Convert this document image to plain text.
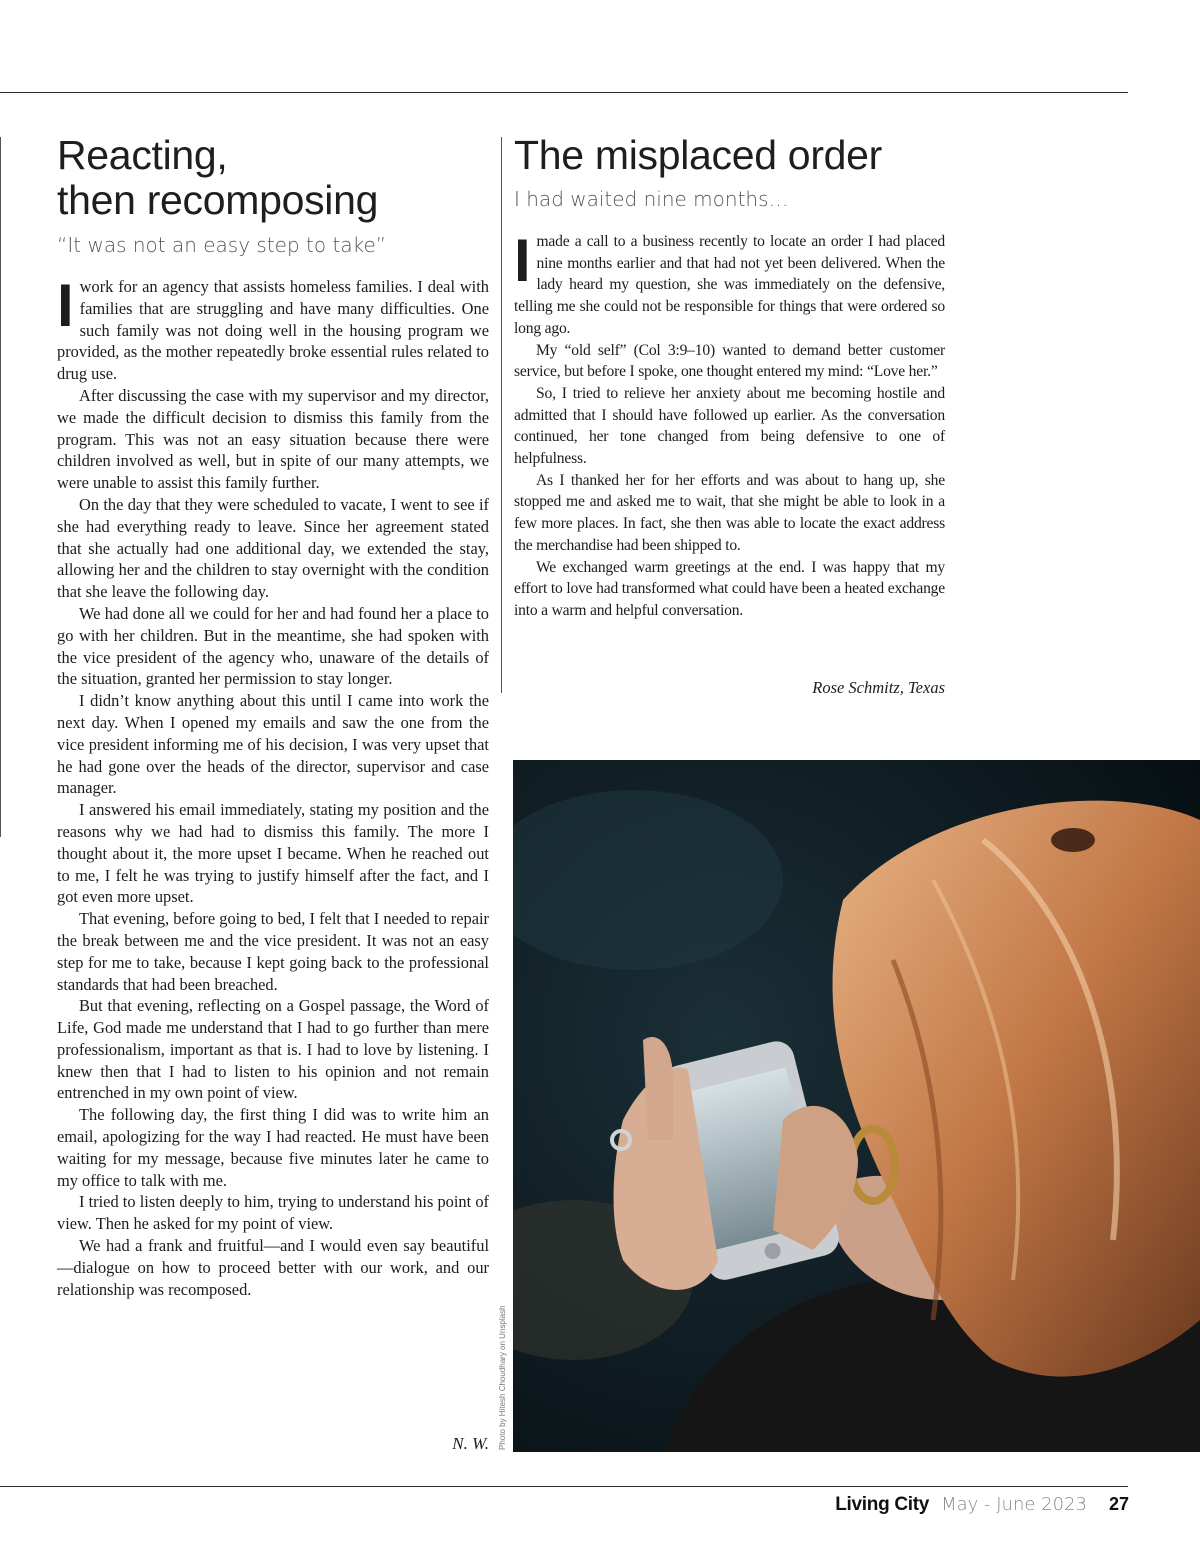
Reacting,
then recomposing

“It was not an easy step to take”

I work for an agency that assists homeless families. I deal with families that are struggling and have many difficulties. One such family was not doing well in the housing program we provided, as the mother repeatedly broke essential rules related to drug use.

After discussing the case with my supervisor and my director, we made the difficult decision to dismiss this family from the program. This was not an easy situation because there were children involved as well, but in spite of our many attempts, we were unable to assist this family further.

On the day that they were scheduled to vacate, I went to see if she had everything ready to leave. Since her agreement stated that she actually had one additional day, we extended the stay, allowing her and the children to stay overnight with the condition that she leave the following day.

We had done all we could for her and had found her a place to go with her children. But in the meantime, she had spoken with the vice president of the agency who, unaware of the details of the situation, granted her permission to stay longer.

I didn’t know anything about this until I came into work the next day. When I opened my emails and saw the one from the vice president informing me of his decision, I was very upset that he had gone over the heads of the director, supervisor and case manager.

I answered his email immediately, stating my position and the reasons why we had had to dismiss this family. The more I thought about it, the more upset I became. When he reached out to me, I felt he was trying to justify himself after the fact, and I got even more upset.

That evening, before going to bed, I felt that I needed to repair the break between me and the vice president. It was not an easy step for me to take, because I kept going back to the professional standards that had been breached.

But that evening, reflecting on a Gospel passage, the Word of Life, God made me understand that I had to go further than mere professionalism, important as that is. I had to love by listening. I knew then that I had to listen to his opinion and not remain entrenched in my own point of view.

The following day, the first thing I did was to write him an email, apologizing for the way I had reacted. He must have been waiting for my message, because five minutes later he came to my office to talk with me.

I tried to listen deeply to him, trying to understand his point of view. Then he asked for my point of view.

We had a frank and fruitful—and I would even say beautiful—dialogue on how to proceed better with our work, and our relationship was recomposed.

N. W.
The misplaced order

I had waited nine months…

I made a call to a business recently to locate an order I had placed nine months earlier and that had not yet been delivered. When the lady heard my question, she was immediately on the defensive, telling me she could not be responsible for things that were ordered so long ago.

My “old self” (Col 3:9–10) wanted to demand better customer service, but before I spoke, one thought entered my mind: “Love her.”

So, I tried to relieve her anxiety about me becoming hostile and admitted that I should have followed up earlier. As the conversation continued, her tone changed from being defensive to one of helpfulness.

As I thanked her for her efforts and was about to hang up, she stopped me and asked me to wait, that she might be able to look in a few more places. In fact, she then was able to locate the exact address the merchandise had been shipped to.

We exchanged warm greetings at the end. I was happy that my effort to love had transformed what could have been a heated exchange into a warm and helpful conversation.

Rose Schmitz, Texas
Photo by Hitesh Choudhary on Unsplash
Living City May - June 2023 27
